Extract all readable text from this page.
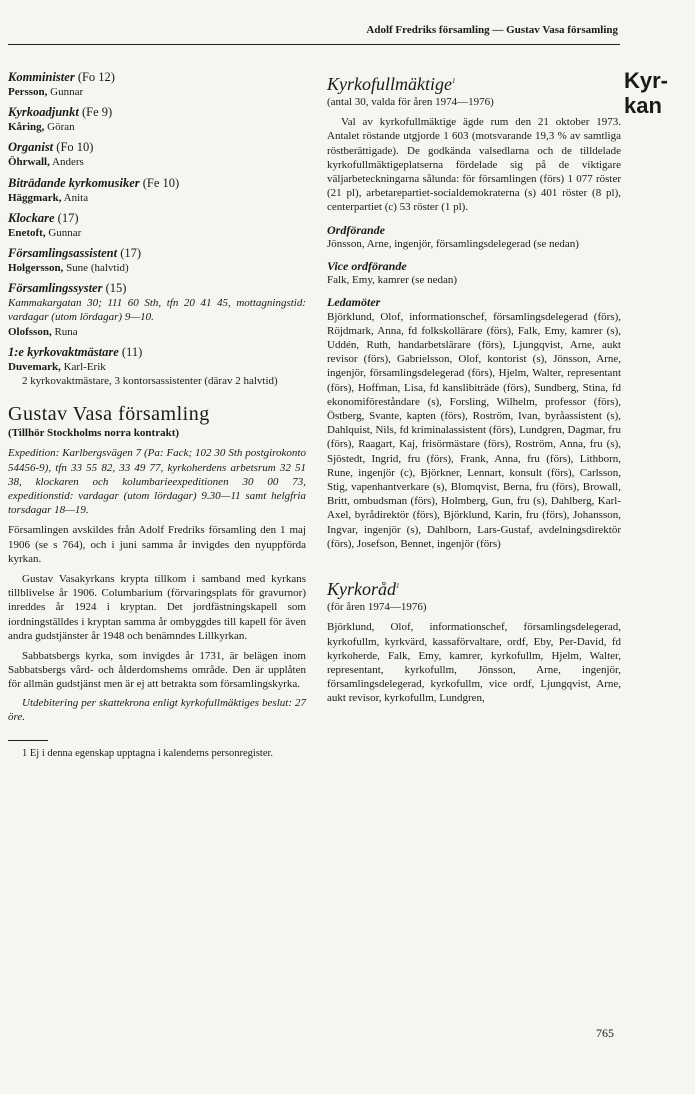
Adolf Fredriks församling — Gustav Vasa församling
Kyr-
kan
Komminister (Fo 12)
Persson, Gunnar
Kyrkoadjunkt (Fe 9)
Kåring, Göran
Organist (Fo 10)
Öhrwall, Anders
Biträdande kyrkomusiker (Fe 10)
Häggmark, Anita
Klockare (17)
Enetoft, Gunnar
Församlingsassistent (17)
Holgersson, Sune (halvtid)
Församlingssyster (15)

Kammakargatan 30; 111 60 Sth, tfn 20 41 45, mottagningstid: vardagar (utom lördagar) 9—10.

Olofsson, Runa
1:e kyrkovaktmästare (11)
Duvemark, Karl-Erik

2 kyrkovaktmästare, 3 kontorsassistenter (därav 2 halvtid)

Gustav Vasa församling
(Tillhör Stockholms norra kontrakt)

Expedition: Karlbergsvägen 7 (Pa: Fack; 102 30 Sth postgirokonto 54456-9), tfn 33 55 82, 33 49 77, kyrkoherdens arbetsrum 32 51 38, klockaren och kolumbarieexpeditionen 30 00 73, expeditionstid: vardagar (utom lördagar) 9.30—11 samt helgfria torsdagar 18—19.

Församlingen avskildes från Adolf Fredriks församling den 1 maj 1906 (se s 764), och i juni samma år invigdes den nyuppförda kyrkan.

Gustav Vasakyrkans krypta tillkom i samband med kyrkans tillblivelse år 1906. Columbarium (förvaringsplats för gravurnor) inreddes år 1924 i kryptan. Det jordfästningskapell som iordningställdes i kryptan samma år ombyggdes till kapell för även andra gudstjänster år 1948 och benämndes Lillkyrkan.

Sabbatsbergs kyrka, som invigdes år 1731, är belägen inom Sabbatsbergs vård- och ålderdomshems område. Den är upplåten för allmän gudstjänst men är ej att betrakta som församlingskyrka.

Utdebitering per skattekrona enligt kyrkofullmäktiges beslut: 27 öre.

1 Ej i denna egenskap upptagna i kalenderns personregister.

Kyrkofullmäktige$^1$
(antal 30, valda för åren 1974—1976)

Val av kyrkofullmäktige ägde rum den 21 oktober 1973. Antalet röstande utgjorde 1 603 (motsvarande 19,3 % av samtliga röstberättigade). De godkända valsedlarna och de tilldelade kyrkofullmäktigeplatserna fördelade sig på de viktigare väljarbeteckningarna sålunda: för församlingen (förs) 1 077 röster (21 pl), arbetarepartiet-socialdemokraterna (s) 401 röster (8 pl), centerpartiet (c) 53 röster (1 pl).

Ordförande

Jönsson, Arne, ingenjör, församlingsdelegerad (se nedan)

Vice ordförande

Falk, Emy, kamrer (se nedan)

Ledamöter

Björklund, Olof, informationschef, församlingsdelegerad (förs), Röjdmark, Anna, fd folkskollärare (förs), Falk, Emy, kamrer (s), Uddén, Ruth, handarbetslärare (förs), Ljungqvist, Arne, aukt revisor (förs), Gabrielsson, Olof, kontorist (s), Jönsson, Arne, ingenjör, församlingsdelegerad (förs), Hjelm, Walter, representant (förs), Hoffman, Lisa, fd kanslibiträde (förs), Sundberg, Stina, fd ekonomiföreståndare (s), Forsling, Wilhelm, professor (förs), Östberg, Svante, kapten (förs), Roström, Ivan, byråassistent (s), Dahlquist, Nils, fd kriminalassistent (förs), Lundgren, Dagmar, fru (förs), Raagart, Kaj, frisörmästare (förs), Roström, Anna, fru (s), Sjöstedt, Ingrid, fru (förs), Frank, Anna, fru (förs), Lithborn, Rune, ingenjör (c), Björkner, Lennart, konsult (förs), Carlsson, Stig, vapenhantverkare (s), Blomqvist, Berna, fru (förs), Browall, Britt, ombudsman (förs), Holmberg, Gun, fru (s), Dahlberg, Karl-Axel, byrådirektör (förs), Björklund, Karin, fru (förs), Johansson, Ingvar, ingenjör (s), Dahlborn, Lars-Gustaf, avdelningsdirektör (förs), Josefson, Bennet, ingenjör (förs)

Kyrkoråd$^1$
(för åren 1974—1976)

Björklund, Olof, informationschef, församlingsdelegerad, kyrkofullm, kyrkvärd, kassaförvaltare, ordf, Eby, Per-David, fd kyrkoherde, Falk, Emy, kamrer, kyrkofullm, Hjelm, Walter, representant, kyrkofullm, Jönsson, Arne, ingenjör, församlingsdelegerad, kyrkofullm, vice ordf, Ljungqvist, Arne, aukt revisor, kyrkofullm, Lundgren,

765
